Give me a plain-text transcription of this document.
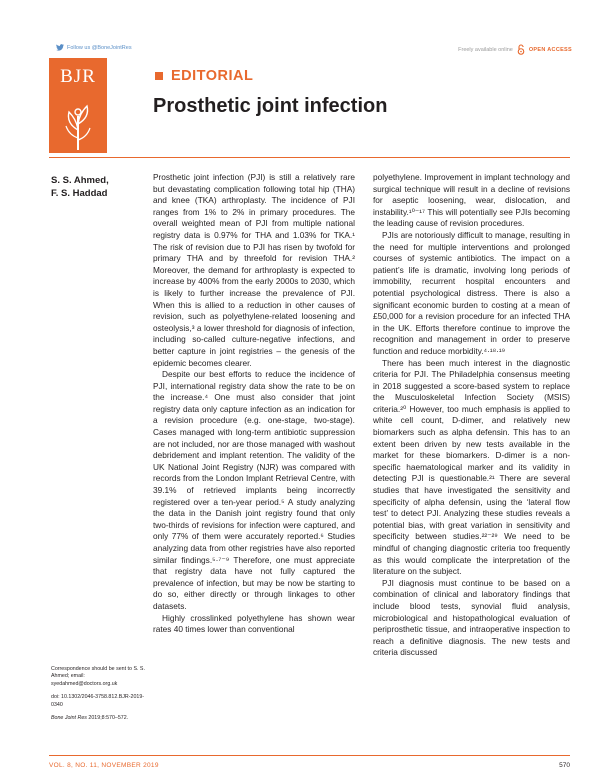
Follow us @BoneJointRes	Freely available online	OPEN ACCESS
BJR	EDITORIAL
Prosthetic joint infection
S. S. Ahmed,
F. S. Haddad

Prosthetic joint infection (PJI) is still a relatively rare but devastating complication following total hip (THA) and knee (TKA) arthroplasty. The incidence of PJI ranges from 1% to 2% in primary procedures. The overall weighted mean of PJI from multiple national registry data is 0.97% for THA and 1.03% for TKA.¹ The risk of revision due to PJI has risen by twofold for primary THA and by threefold for revision THA.² Moreover, the demand for arthroplasty is expected to increase by 400% from the early 2000s to 2030, which is likely to further increase the prevalence of PJI. When this is allied to a reduction in other causes of revision, such as polyethylene-related loosening and osteolysis,³ a lower threshold for diagnosis of infection, including so-called culture-negative infections, and better capture in joint registries – the genesis of the epidemic becomes clearer.

Despite our best efforts to reduce the incidence of PJI, international registry data show the rate to be on the increase.⁴ One must also consider that joint registry data only capture infection as an indication for a revision procedure (e.g. one-stage, two-stage). Cases managed with long-term antibiotic suppression are not included, nor are those managed with washout debridement and implant retention. The validity of the UK National Joint Registry (NJR) was compared with records from the London Implant Retrieval Centre, with 39.1% of retrieved implants being incorrectly registered over a ten-year period.⁵ A study analyzing the data in the Danish joint registry found that only two-thirds of revisions for infection were captured, and only 77% of them were accurately reported.⁶ Studies analyzing data from other registries have also reported similar findings.⁵·⁷⁻⁹ Therefore, one must appreciate that registry data have not fully captured the prevalence of infection, but may be now be starting to do so, either directly or through linkages to other datasets.

Highly crosslinked polyethylene has shown wear rates 40 times lower than conventional

polyethylene. Improvement in implant technology and surgical technique will result in a decline of revisions for aseptic loosening, wear, dislocation, and instability.¹⁰⁻¹⁷ This will potentially see PJIs becoming the leading cause of revision procedures.

PJIs are notoriously difficult to manage, resulting in the need for multiple interventions and prolonged courses of systemic antibiotics. The impact on a patient’s life is dramatic, involving long periods of immobility, recurrent hospital encounters and potential psychological distress. There is also a significant economic burden to costing at a mean of £50,000 for a revision procedure for an infected THA in the UK. Efforts therefore continue to improve the recognition and management in order to preserve function and reduce morbidity.⁴·¹⁸·¹⁹

There has been much interest in the diagnostic criteria for PJI. The Philadelphia consensus meeting in 2018 suggested a score-based system to replace the Musculoskeletal Infection Society (MSIS) criteria.²⁰ However, too much emphasis is applied to white cell count, D-dimer, and relatively new biomarkers such as alpha defensin. This has to an extent been driven by new tests available in the market for these biomarkers. D-dimer is a non-specific haematological marker and its validity in detecting PJI is questionable.²¹ There are several studies that have investigated the sensitivity and specificity of alpha defensin, using the ‘lateral flow test’ to detect PJI. Analyzing these studies reveals a potential bias, with great variation in sensitivity and specificity between studies.²²⁻²⁹ We need to be mindful of changing diagnostic criteria too frequently as this would complicate the interpretation of the literature on the subject.

PJI diagnosis must continue to be based on a combination of clinical and laboratory findings that include blood tests, synovial fluid analysis, microbiological and histopathological evaluation of periprosthetic tissue, and intraoperative inspection to reach a definitive diagnosis. The new tests and criteria discussed

Correspondence should be sent to S. S. Ahmed; email: syedahmed@doctors.org.uk
doi: 10.1302/2046-3758.812.BJR-2019-0340
Bone Joint Res 2019;8:570–572.
VOL. 8, NO. 11, NOVEMBER 2019	570
